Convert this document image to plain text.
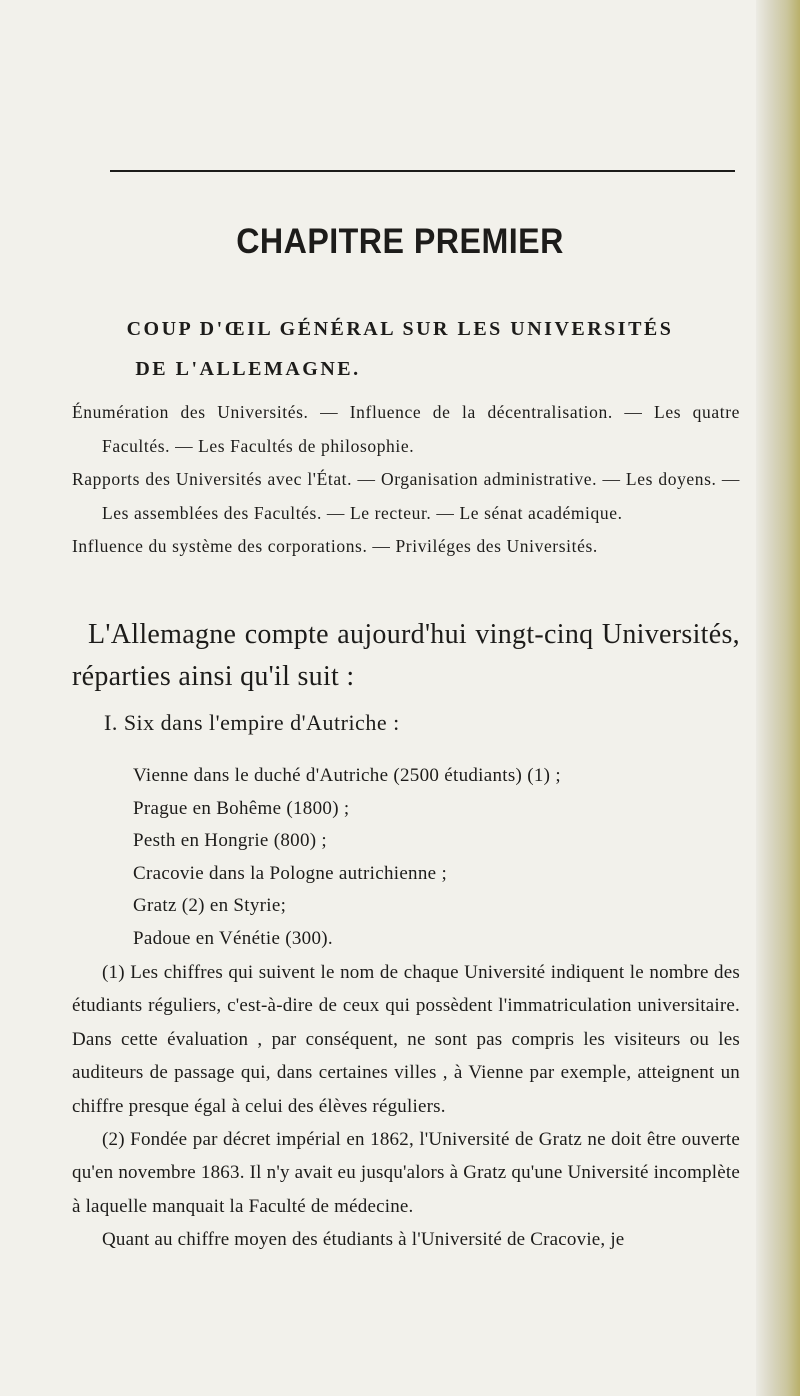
CHAPITRE PREMIER
COUP D'ŒIL GÉNÉRAL SUR LES UNIVERSITÉS
DE L'ALLEMAGNE.
Énumération des Universités. — Influence de la décentralisation. — Les quatre Facultés. — Les Facultés de philosophie.
Rapports des Universités avec l'État. — Organisation administrative. — Les doyens. — Les assemblées des Facultés. — Le recteur. — Le sénat académique.
Influence du système des corporations. — Priviléges des Universités.
L'Allemagne compte aujourd'hui vingt-cinq Universités, réparties ainsi qu'il suit :
I. Six dans l'empire d'Autriche :
Vienne dans le duché d'Autriche (2500 étudiants) (1) ;
Prague en Bohême (1800) ;
Pesth en Hongrie (800) ;
Cracovie dans la Pologne autrichienne ;
Gratz (2) en Styrie;
Padoue en Vénétie (300).

(1) Les chiffres qui suivent le nom de chaque Université indiquent le nombre des étudiants réguliers, c'est-à-dire de ceux qui possèdent l'immatriculation universitaire. Dans cette évaluation , par conséquent, ne sont pas compris les visiteurs ou les auditeurs de passage qui, dans certaines villes , à Vienne par exemple, atteignent un chiffre presque égal à celui des élèves réguliers.

(2) Fondée par décret impérial en 1862, l'Université de Gratz ne doit être ouverte qu'en novembre 1863. Il n'y avait eu jusqu'alors à Gratz qu'une Université incomplète à laquelle manquait la Faculté de médecine.

Quant au chiffre moyen des étudiants à l'Université de Cracovie, je
